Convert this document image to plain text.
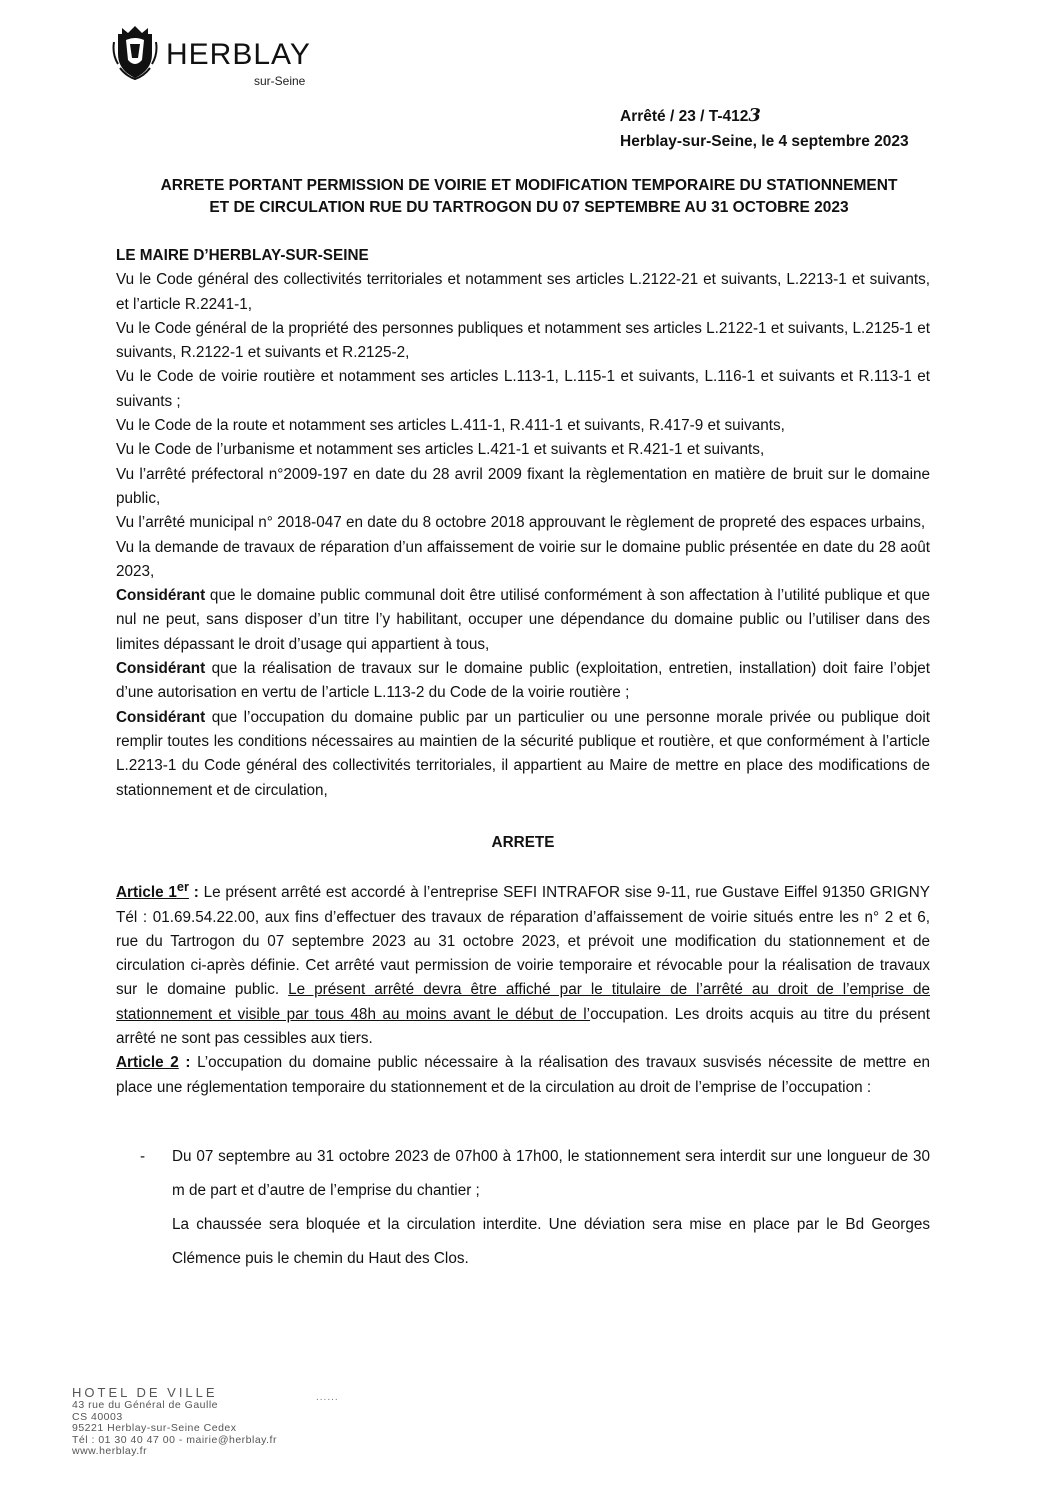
HERBLAY
sur-Seine
Arrêté / 23 / T-4123
Herblay-sur-Seine, le 4 septembre 2023
ARRETE PORTANT PERMISSION DE VOIRIE ET MODIFICATION TEMPORAIRE DU STATIONNEMENT
ET DE CIRCULATION RUE DU TARTROGON DU 07 SEPTEMBRE AU 31 OCTOBRE 2023

LE MAIRE D’HERBLAY-SUR-SEINE

Vu le Code général des collectivités territoriales et notamment ses articles L.2122-21 et suivants, L.2213-1 et suivants, et l’article R.2241-1,

Vu le Code général de la propriété des personnes publiques et notamment ses articles L.2122-1 et suivants, L.2125-1 et suivants, R.2122-1 et suivants et R.2125-2,

Vu le Code de voirie routière et notamment ses articles L.113-1, L.115-1 et suivants, L.116-1 et suivants et R.113-1 et suivants ;

Vu le Code de la route et notamment ses articles L.411-1, R.411-1 et suivants, R.417-9 et suivants,

Vu le Code de l’urbanisme et notamment ses articles L.421-1 et suivants et R.421-1 et suivants,

Vu l’arrêté préfectoral n°2009-197 en date du 28 avril 2009 fixant la règlementation en matière de bruit sur le domaine public,

Vu l’arrêté municipal n° 2018-047 en date du 8 octobre 2018 approuvant le règlement de propreté des espaces urbains,

Vu la demande de travaux de réparation d’un affaissement de voirie sur le domaine public présentée en date du 28 août 2023,

Considérant que le domaine public communal doit être utilisé conformément à son affectation à l’utilité publique et que nul ne peut, sans disposer d’un titre l’y habilitant, occuper une dépendance du domaine public ou l’utiliser dans des limites dépassant le droit d’usage qui appartient à tous,

Considérant que la réalisation de travaux sur le domaine public (exploitation, entretien, installation) doit faire l’objet d’une autorisation en vertu de l’article L.113-2 du Code de la voirie routière ;

Considérant que l’occupation du domaine public par un particulier ou une personne morale privée ou publique doit remplir toutes les conditions nécessaires au maintien de la sécurité publique et routière, et que conformément à l’article L.2213-1 du Code général des collectivités territoriales, il appartient au Maire de mettre en place des modifications de stationnement et de circulation,

ARRETE

Article 1er : Le présent arrêté est accordé à l’entreprise SEFI INTRAFOR sise 9-11, rue Gustave Eiffel 91350 GRIGNY Tél : 01.69.54.22.00, aux fins d’effectuer des travaux de réparation d’affaissement de voirie situés entre les n° 2 et 6, rue du Tartrogon du 07 septembre 2023 au 31 octobre 2023, et prévoit une modification du stationnement et de circulation ci-après définie. Cet arrêté vaut permission de voirie temporaire et révocable pour la réalisation de travaux sur le domaine public. Le présent arrêté devra être affiché par le titulaire de l’arrêté au droit de l’emprise de stationnement et visible par tous 48h au moins avant le début de l’occupation. Les droits acquis au titre du présent arrêté ne sont pas cessibles aux tiers.

Article 2 : L’occupation du domaine public nécessaire à la réalisation des travaux susvisés nécessite de mettre en place une réglementation temporaire du stationnement et de la circulation au droit de l’emprise de l’occupation :

- Du 07 septembre au 31 octobre 2023 de 07h00 à 17h00, le stationnement sera interdit sur une longueur de 30 m de part et d’autre de l’emprise du chantier ;
La chaussée sera bloquée et la circulation interdite. Une déviation sera mise en place par le Bd Georges Clémence puis le chemin du Haut des Clos.
HOTEL DE VILLE
43 rue du Général de Gaulle
CS 40003
95221 Herblay-sur-Seine Cedex
Tél : 01 30 40 47 00 - mairie@herblay.fr
www.herblay.fr
......
